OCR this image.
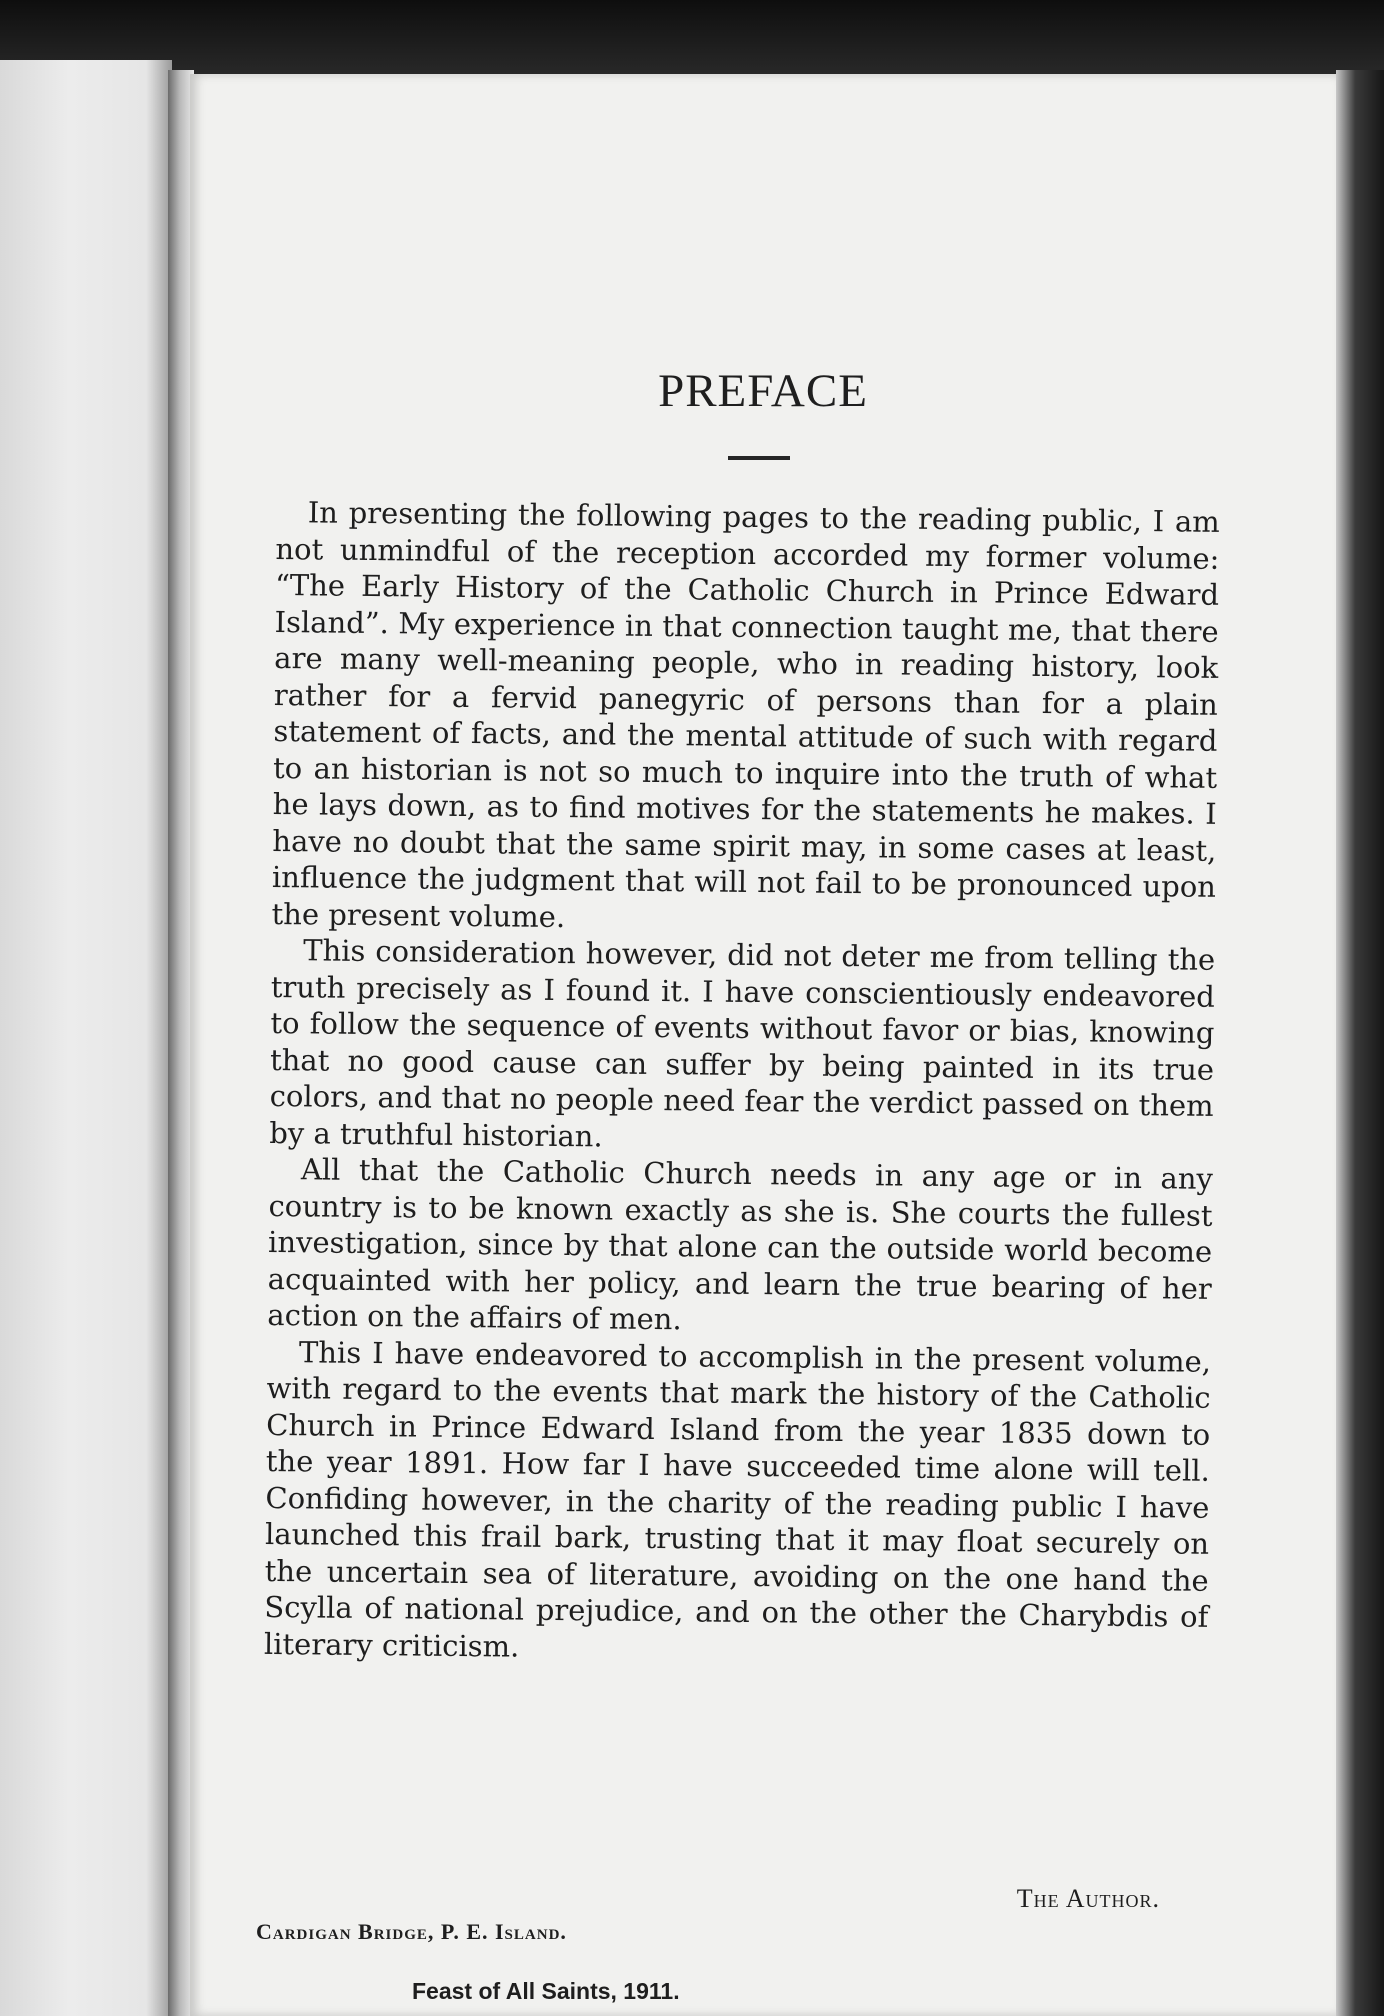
PREFACE

In presenting the following pages to the reading public, I am not unmindful of the reception accorded my former volume: “The Early History of the Catholic Church in Prince Edward Island”. My experience in that connection taught me, that there are many well-meaning people, who in reading history, look rather for a fervid panegyric of persons than for a plain statement of facts, and the mental attitude of such with regard to an historian is not so much to inquire into the truth of what he lays down, as to find motives for the statements he makes. I have no doubt that the same spirit may, in some cases at least, influence the judgment that will not fail to be pronounced upon the present volume.

This consideration however, did not deter me from telling the truth precisely as I found it. I have conscientiously endeavored to follow the sequence of events without favor or bias, knowing that no good cause can suffer by being painted in its true colors, and that no people need fear the verdict passed on them by a truthful historian.

All that the Catholic Church needs in any age or in any country is to be known exactly as she is. She courts the fullest investigation, since by that alone can the outside world become acquainted with her policy, and learn the true bearing of her action on the affairs of men.

This I have endeavored to accomplish in the present volume, with regard to the events that mark the history of the Catholic Church in Prince Edward Island from the year 1835 down to the year 1891. How far I have succeeded time alone will tell. Confiding however, in the charity of the reading public I have launched this frail bark, trusting that it may float securely on the uncertain sea of literature, avoiding on the one hand the Scylla of national prejudice, and on the other the Charybdis of literary criticism.

The Author.
Cardigan Bridge, P. E. Island.
Feast of All Saints, 1911.
